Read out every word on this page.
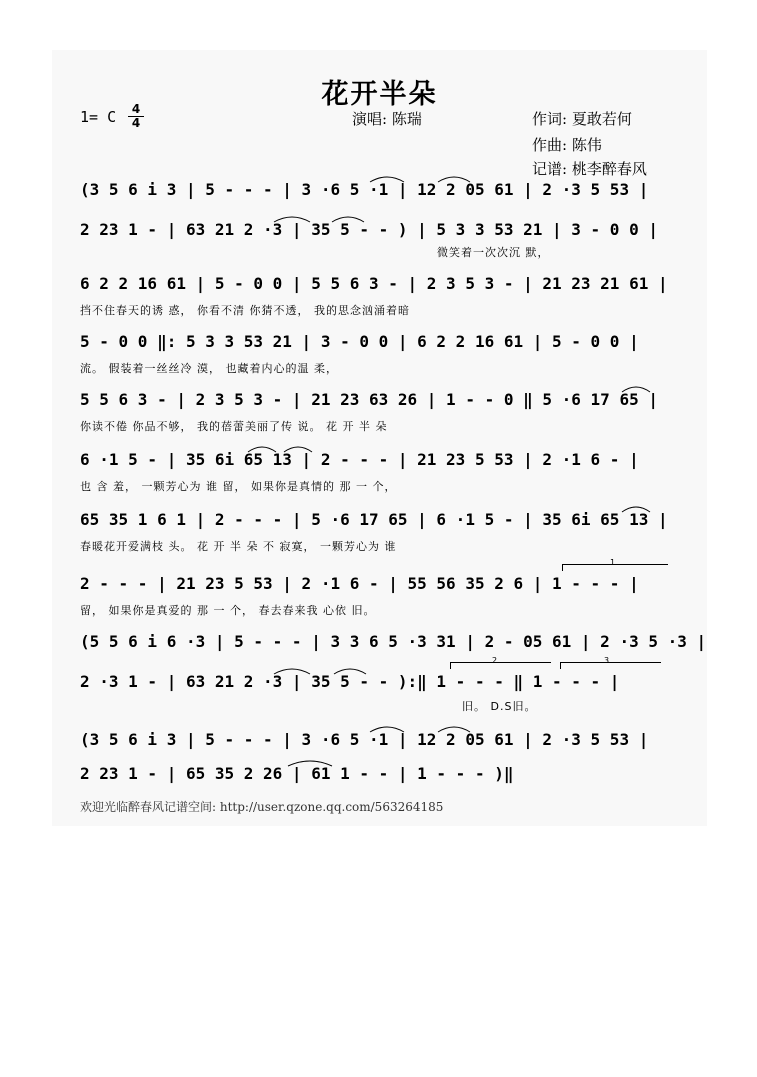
花开半朵
1= C $\frac{4}{4}$	演唱: 陈瑞	作词: 夏敢若何
作曲: 陈伟
记谱: 桃李醉春风
(3 5 6 i 3 | 5 - - - | 3 ·6 5 ·1 | 12 2 05 61 | 2 ·3 5 53 |
2 23 1 - | 63 21 2 ·3 | 35 5 - - ) | 5 3 3 53 21 | 3 - 0 0 |
微笑着一次次沉 默，
6 2 2 16 61 | 5 - 0 0 | 5 5 6 3 - | 2 3 5 3 - | 21 23 21 61 |
挡不住春天的诱 惑， 你看不清 你猜不透， 我的思念汹涌着暗
5 - 0 0 ‖: 5 3 3 53 21 | 3 - 0 0 | 6 2 2 16 61 | 5 - 0 0 |
流。 假装着一丝丝冷 漠， 也藏着内心的温 柔，
5 5 6 3 - | 2 3 5 3 - | 21 23 63 26 | 1 - - 0 ‖ 5 ·6 17 65 |
你读不倦 你品不够， 我的蓓蕾美丽了传 说。 花 开 半 朵
6 ·1 5 - | 35 6i 65 13 | 2 - - - | 21 23 5 53 | 2 ·1 6 - |
也 含 羞， 一颗芳心为 谁 留， 如果你是真情的 那 一 个，
65 35 1 6 1 | 2 - - - | 5 ·6 17 65 | 6 ·1 5 - | 35 6i 65 13 |
春暖花开爱满枝 头。 花 开 半 朵 不 寂寞， 一颗芳心为 谁
1
2 - - - | 21 23 5 53 | 2 ·1 6 - | 55 56 35 2 6 | 1 - - - |
留， 如果你是真爱的 那 一 个， 春去春来我 心依 旧。
(5 5 6 i 6 ·3 | 5 - - - | 3 3 6 5 ·3 31 | 2 - 05 61 | 2 ·3 5 ·3 |
2	3
2 ·3 1 - | 63 21 2 ·3 | 35 5 - - ):‖ 1 - - - ‖ 1 - - - |
旧。 D.S旧。
(3 5 6 i 3 | 5 - - - | 3 ·6 5 ·1 | 12 2 05 61 | 2 ·3 5 53 |
2 23 1 - | 65 35 2 26 | 61 1 - - | 1 - - - )‖
欢迎光临醉春风记谱空间: http://user.qzone.qq.com/563264185
